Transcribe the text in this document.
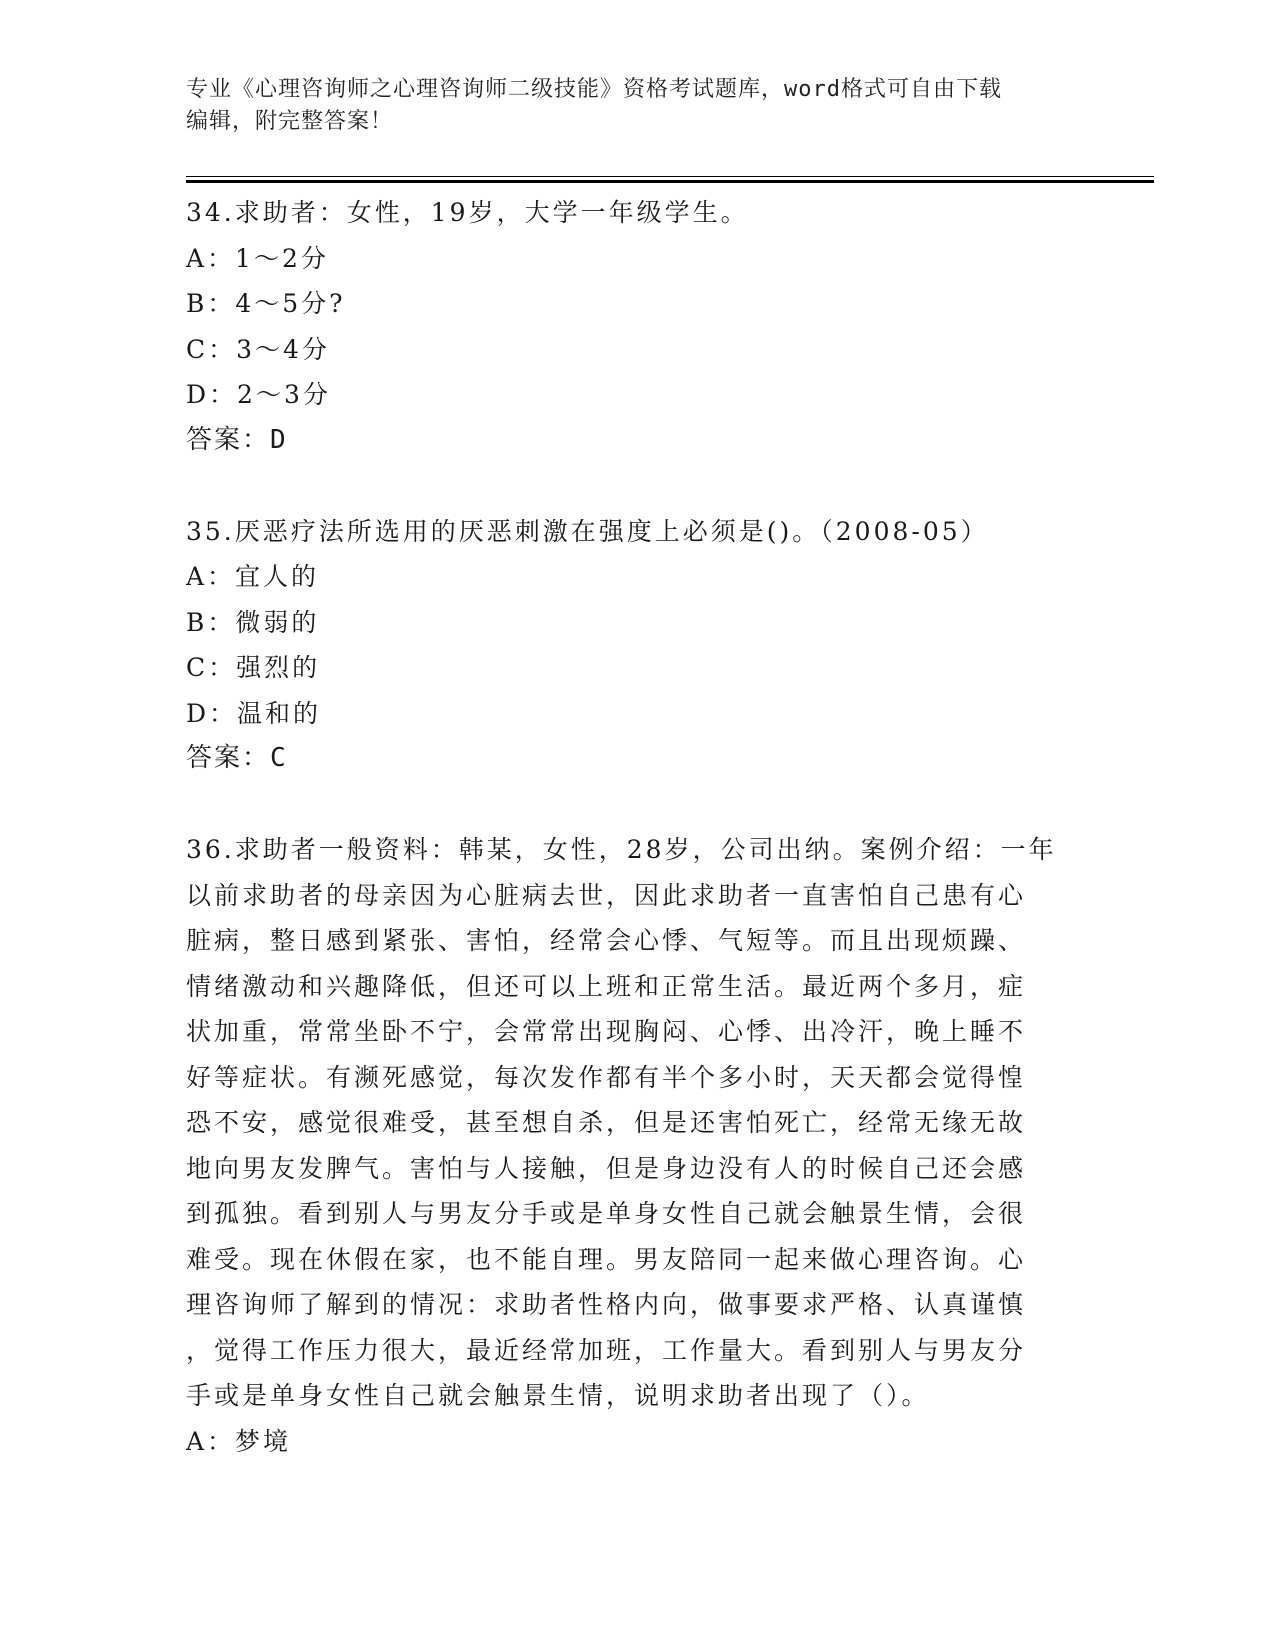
专业《心理咨询师之心理咨询师二级技能》资格考试题库，word格式可自由下载
编辑，附完整答案！
34.求助者：女性，19岁，大学一年级学生。
A：1～2分
B：4～5分?
C：3～4分
D：2～3分
答案：D
35.厌恶疗法所选用的厌恶刺激在强度上必须是()。（2008-05）
A：宜人的
B：微弱的
C：强烈的
D：温和的
答案：C
36.求助者一般资料：韩某，女性，28岁，公司出纳。案例介绍：一年
以前求助者的母亲因为心脏病去世，因此求助者一直害怕自己患有心
脏病，整日感到紧张、害怕，经常会心悸、气短等。而且出现烦躁、
情绪激动和兴趣降低，但还可以上班和正常生活。最近两个多月，症
状加重，常常坐卧不宁，会常常出现胸闷、心悸、出冷汗，晚上睡不
好等症状。有濒死感觉，每次发作都有半个多小时，天天都会觉得惶
恐不安，感觉很难受，甚至想自杀，但是还害怕死亡，经常无缘无故
地向男友发脾气。害怕与人接触，但是身边没有人的时候自己还会感
到孤独。看到别人与男友分手或是单身女性自己就会触景生情，会很
难受。现在休假在家，也不能自理。男友陪同一起来做心理咨询。心
理咨询师了解到的情况：求助者性格内向，做事要求严格、认真谨慎
，觉得工作压力很大，最近经常加班，工作量大。看到别人与男友分
手或是单身女性自己就会触景生情，说明求助者出现了（）。
A：梦境
